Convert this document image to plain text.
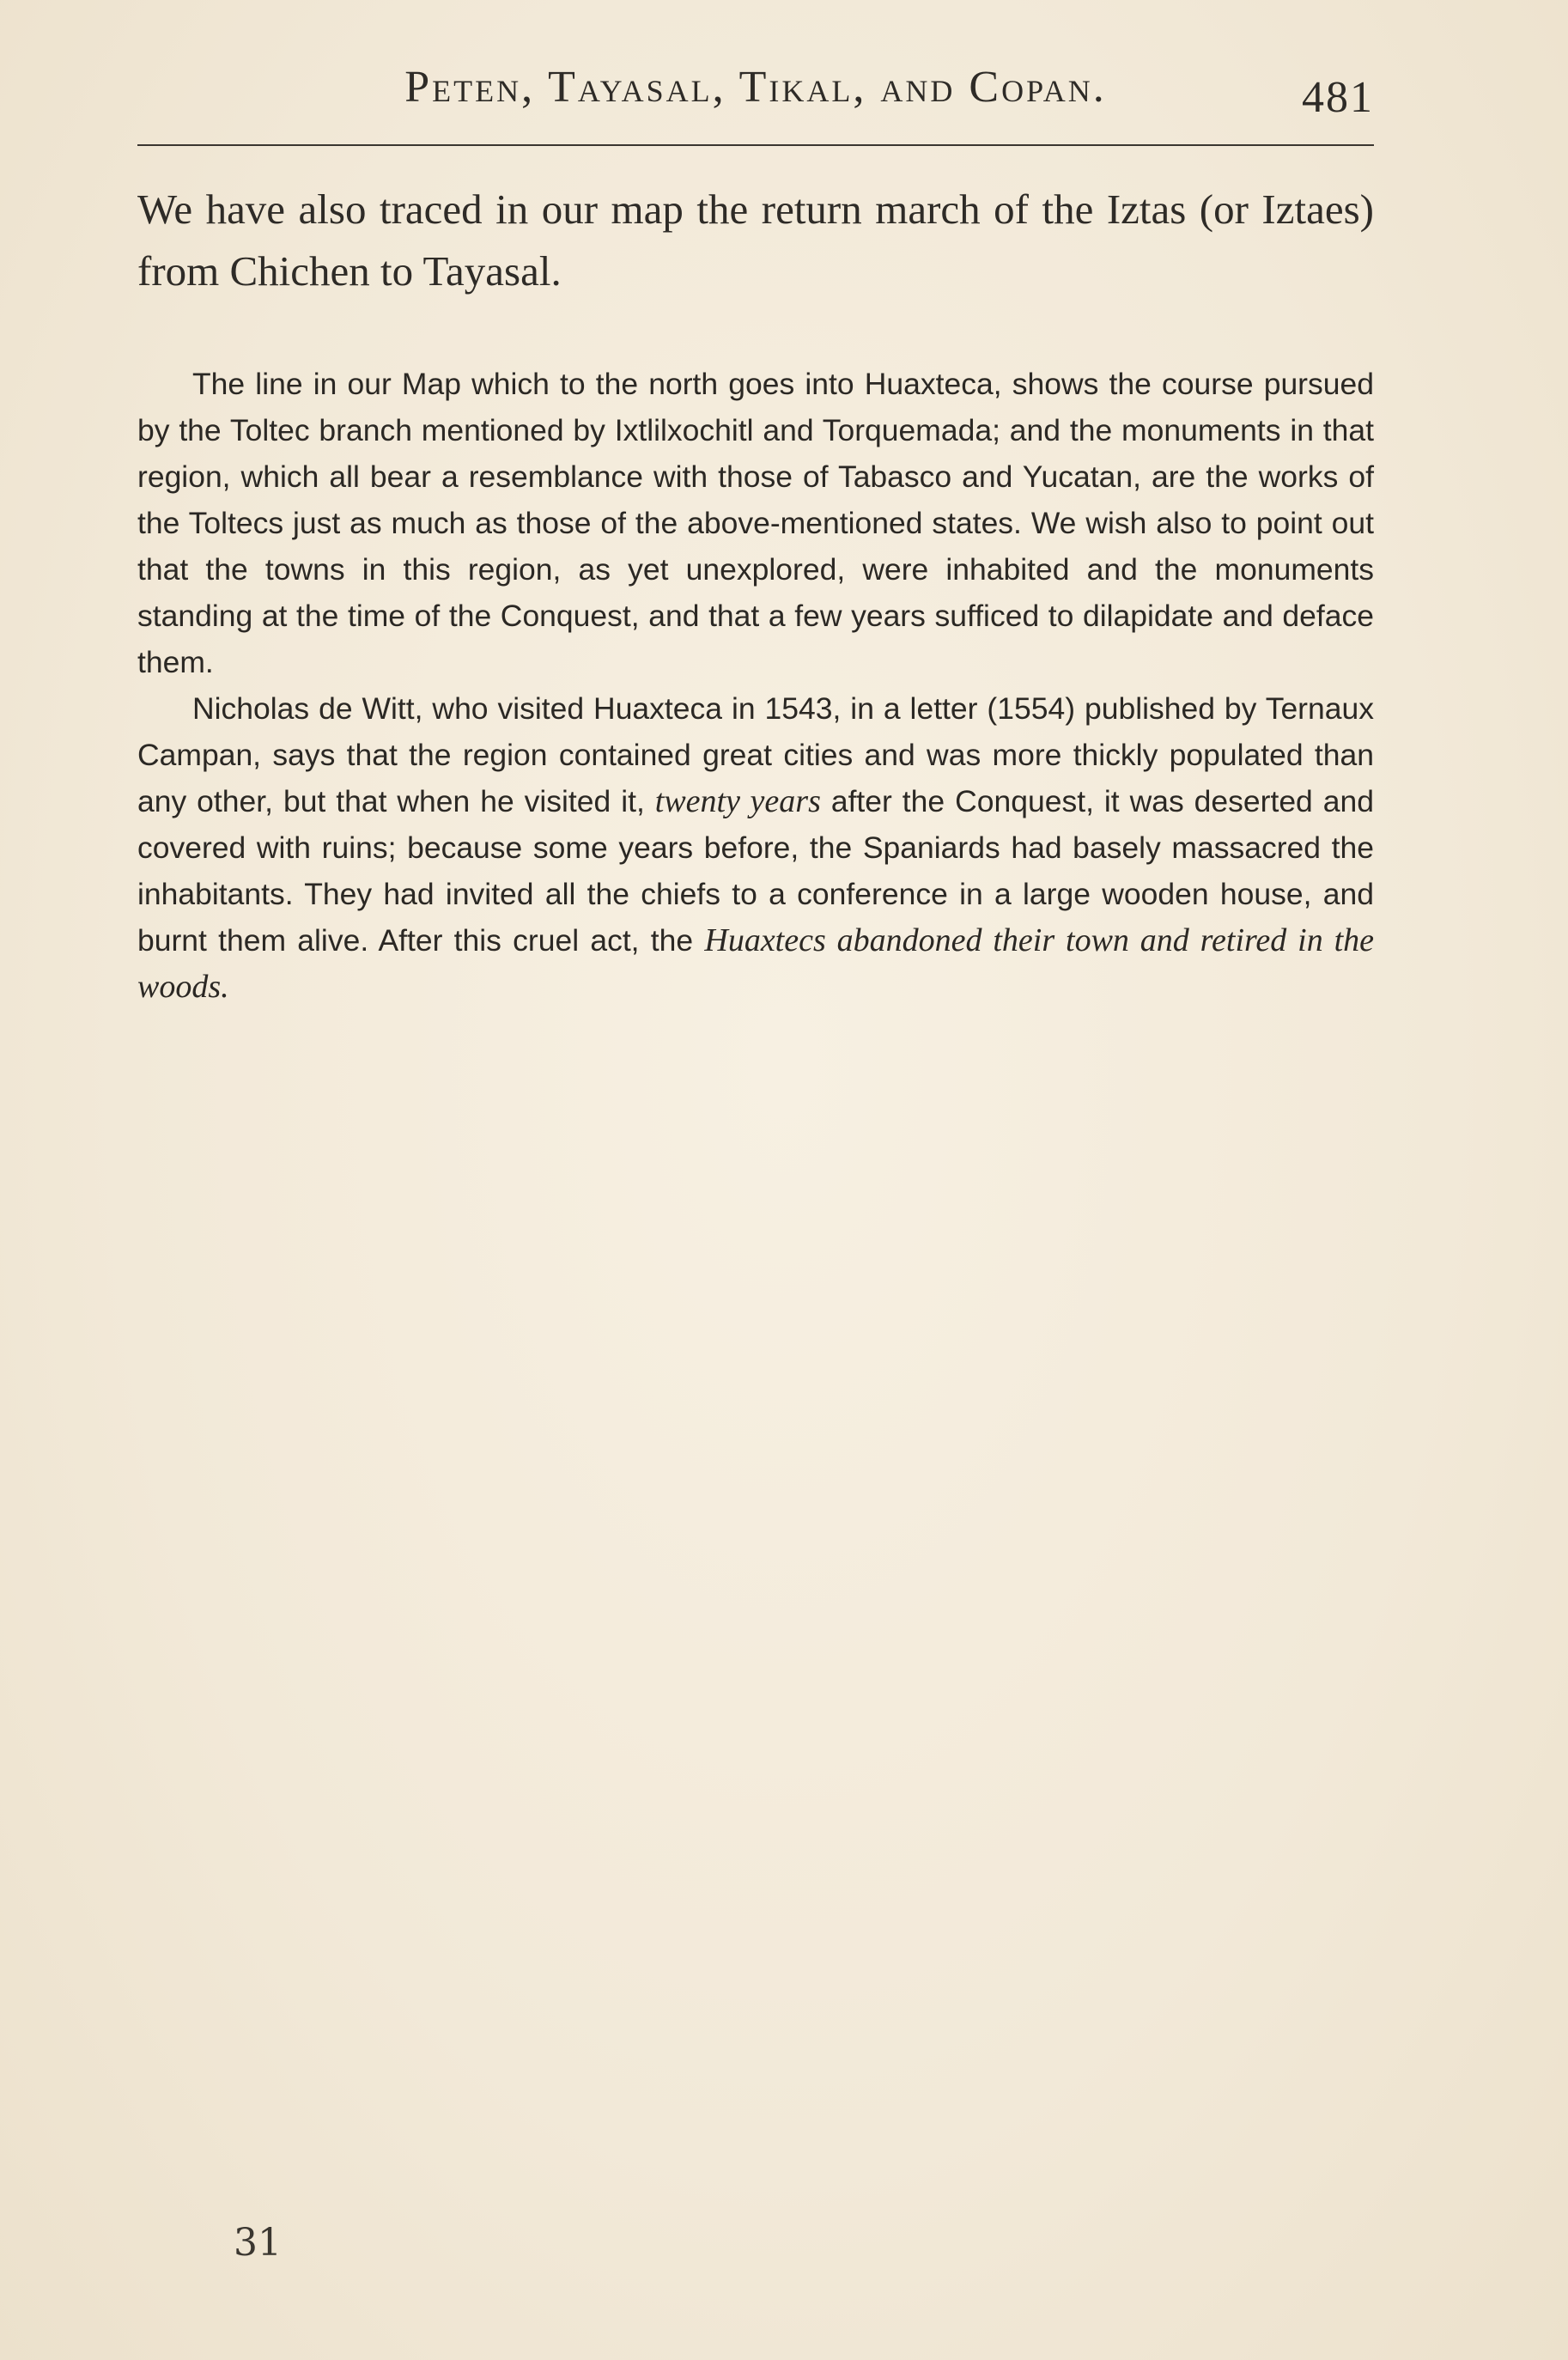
Peten, Tayasal, Tikal, and Copan.	481
We have also traced in our map the return march of the Iztas (or Iztaes) from Chichen to Tayasal.

The line in our Map which to the north goes into Huaxteca, shows the course pursued by the Toltec branch mentioned by Ixtlilxochitl and Torquemada; and the monuments in that region, which all bear a resemblance with those of Tabasco and Yucatan, are the works of the Toltecs just as much as those of the above-mentioned states. We wish also to point out that the towns in this region, as yet unexplored, were inhabited and the monuments standing at the time of the Conquest, and that a few years sufficed to dilapidate and deface them.

Nicholas de Witt, who visited Huaxteca in 1543, in a letter (1554) published by Ternaux Campan, says that the region contained great cities and was more thickly populated than any other, but that when he visited it, twenty years after the Conquest, it was deserted and covered with ruins; because some years before, the Spaniards had basely massacred the inhabitants. They had invited all the chiefs to a conference in a large wooden house, and burnt them alive. After this cruel act, the Huaxtecs abandoned their town and retired in the woods.

31
